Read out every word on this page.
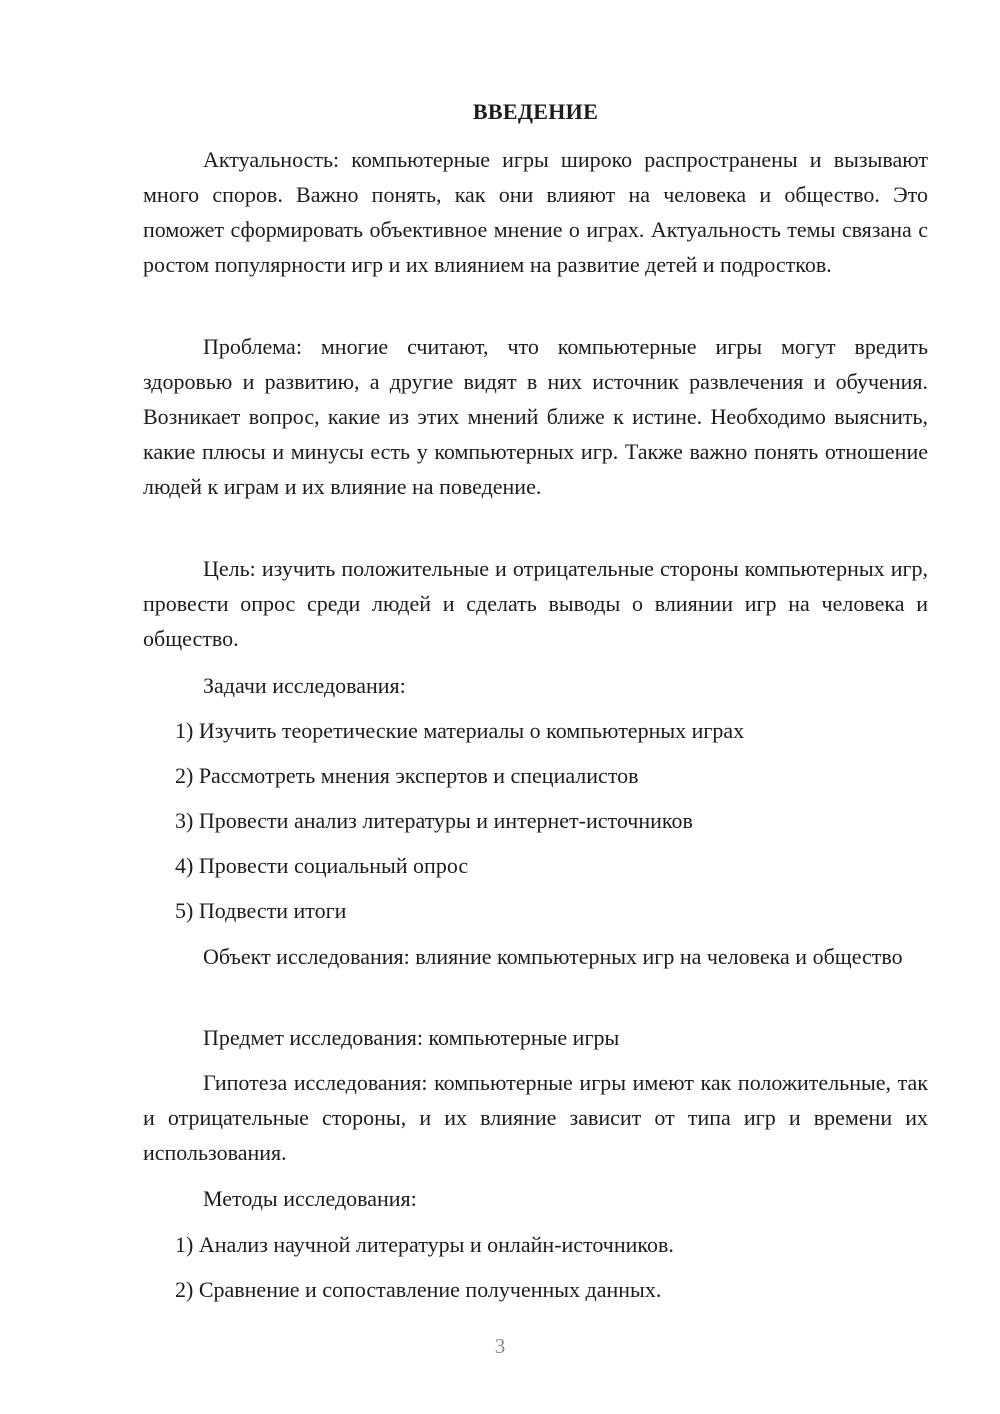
ВВЕДЕНИЕ

Актуальность: компьютерные игры широко распространены и вызывают много споров. Важно понять, как они влияют на человека и общество. Это поможет сформировать объективное мнение о играх. Актуальность темы связана с ростом популярности игр и их влиянием на развитие детей и подростков.

Проблема: многие считают, что компьютерные игры могут вредить здоровью и развитию, а другие видят в них источник развлечения и обучения. Возникает вопрос, какие из этих мнений ближе к истине. Необходимо выяснить, какие плюсы и минусы есть у компьютерных игр. Также важно понять отношение людей к играм и их влияние на поведение.

Цель: изучить положительные и отрицательные стороны компьютерных игр, провести опрос среди людей и сделать выводы о влиянии игр на человека и общество.

Задачи исследования:

1) Изучить теоретические материалы о компьютерных играх

2) Рассмотреть мнения экспертов и специалистов

3) Провести анализ литературы и интернет-источников

4) Провести социальный опрос

5) Подвести итоги

Объект исследования: влияние компьютерных игр на человека и общество

Предмет исследования: компьютерные игры

Гипотеза исследования: компьютерные игры имеют как положительные, так и отрицательные стороны, и их влияние зависит от типа игр и времени их использования.

Методы исследования:

1) Анализ научной литературы и онлайн-источников.

2) Сравнение и сопоставление полученных данных.

3
